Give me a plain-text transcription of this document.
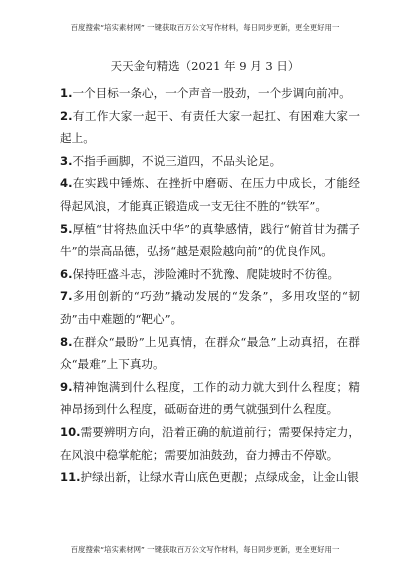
百度搜索“培实素材网” 一键获取百万公文写作材料，每日同步更新，更全更好用一
天天金句精选（2021 年 9 月 3 日）

1.一个目标一条心，一个声音一股劲，一个步调向前冲。

2.有工作大家一起干、有责任大家一起扛、有困难大家一起上。

3.不指手画脚，不说三道四，不品头论足。

4.在实践中锤炼、在挫折中磨砺、在压力中成长，才能经得起风浪，才能真正锻造成一支无往不胜的“铁军”。

5.厚植“甘将热血沃中华”的真挚感情，践行“俯首甘为孺子牛”的崇高品德，弘扬“越是艰险越向前”的优良作风。

6.保持旺盛斗志，涉险滩时不犹豫、爬陡坡时不彷徨。

7.多用创新的“巧劲”撬动发展的“发条”，多用攻坚的“韧劲”击中难题的“靶心”。

8.在群众“最盼”上见真情，在群众“最急”上动真招，在群众“最难”上下真功。

9.精神饱满到什么程度，工作的动力就大到什么程度；精神昂扬到什么程度，砥砺奋进的勇气就强到什么程度。

10.需要辨明方向，沿着正确的航道前行；需要保持定力，在风浪中稳掌舵舵；需要加油鼓劲，奋力搏击不停歇。

11.护绿出新，让绿水青山底色更靓；点绿成金，让金山银

百度搜索“培实素材网” 一键获取百万公文写作材料，每日同步更新，更全更好用一
